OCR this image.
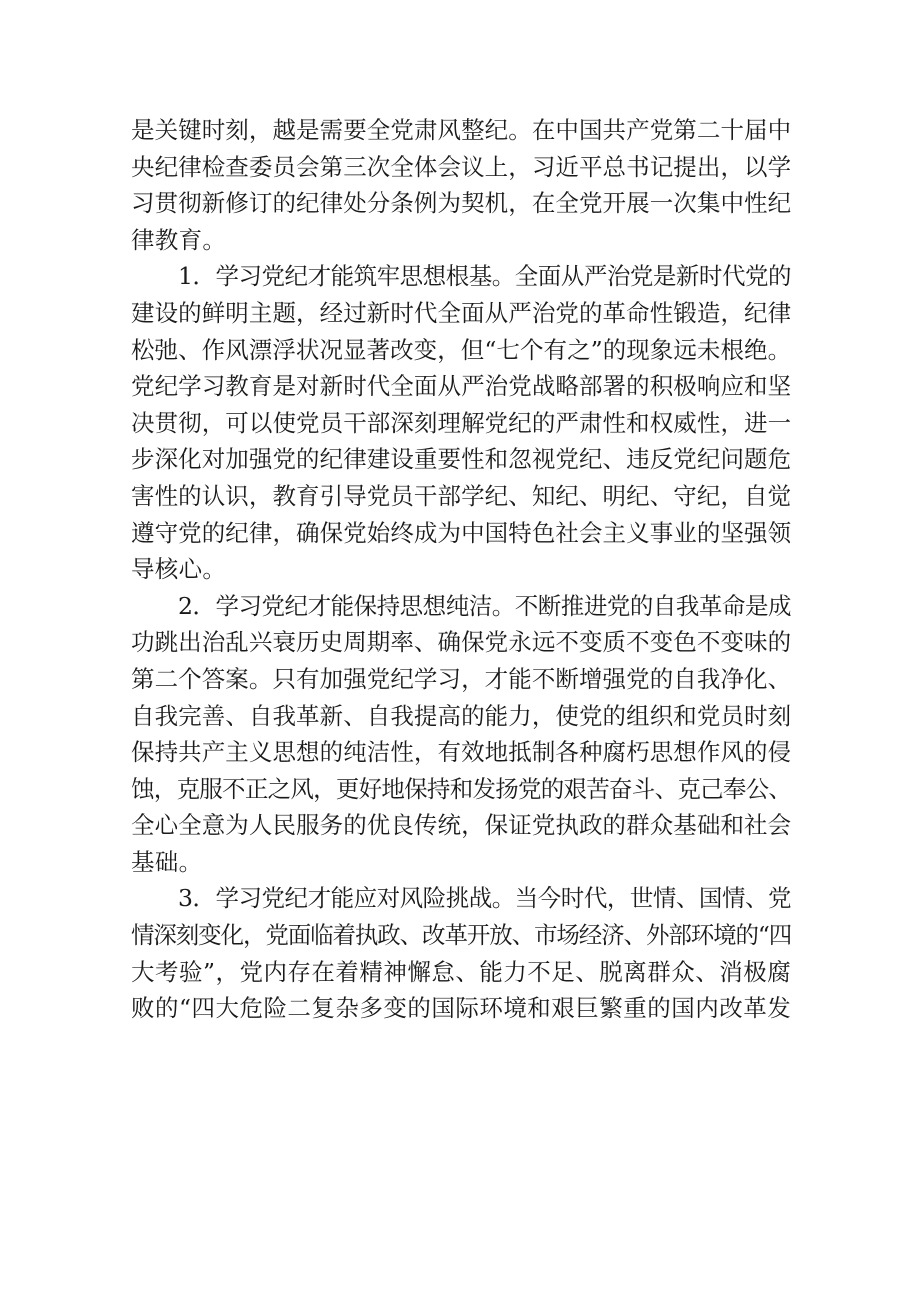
是关键时刻，越是需要全党肃风整纪。在中国共产党第二十届中
央纪律检查委员会第三次全体会议上，习近平总书记提出，以学
习贯彻新修订的纪律处分条例为契机，在全党开展一次集中性纪
律教育。
1．学习党纪才能筑牢思想根基。全面从严治党是新时代党的
建设的鲜明主题，经过新时代全面从严治党的革命性锻造，纪律
松弛、作风漂浮状况显著改变，但“七个有之”的现象远未根绝。
党纪学习教育是对新时代全面从严治党战略部署的积极响应和坚
决贯彻，可以使党员干部深刻理解党纪的严肃性和权威性，进一
步深化对加强党的纪律建设重要性和忽视党纪、违反党纪问题危
害性的认识，教育引导党员干部学纪、知纪、明纪、守纪，自觉
遵守党的纪律，确保党始终成为中国特色社会主义事业的坚强领
导核心。
2．学习党纪才能保持思想纯洁。不断推进党的自我革命是成
功跳出治乱兴衰历史周期率、确保党永远不变质不变色不变味的
第二个答案。只有加强党纪学习，才能不断增强党的自我净化、
自我完善、自我革新、自我提高的能力，使党的组织和党员时刻
保持共产主义思想的纯洁性，有效地抵制各种腐朽思想作风的侵
蚀，克服不正之风，更好地保持和发扬党的艰苦奋斗、克己奉公、
全心全意为人民服务的优良传统，保证党执政的群众基础和社会
基础。
3．学习党纪才能应对风险挑战。当今时代，世情、国情、党
情深刻变化，党面临着执政、改革开放、市场经济、外部环境的“四
大考验”，党内存在着精神懈怠、能力不足、脱离群众、消极腐
败的“四大危险二复杂多变的国际环境和艰巨繁重的国内改革发
